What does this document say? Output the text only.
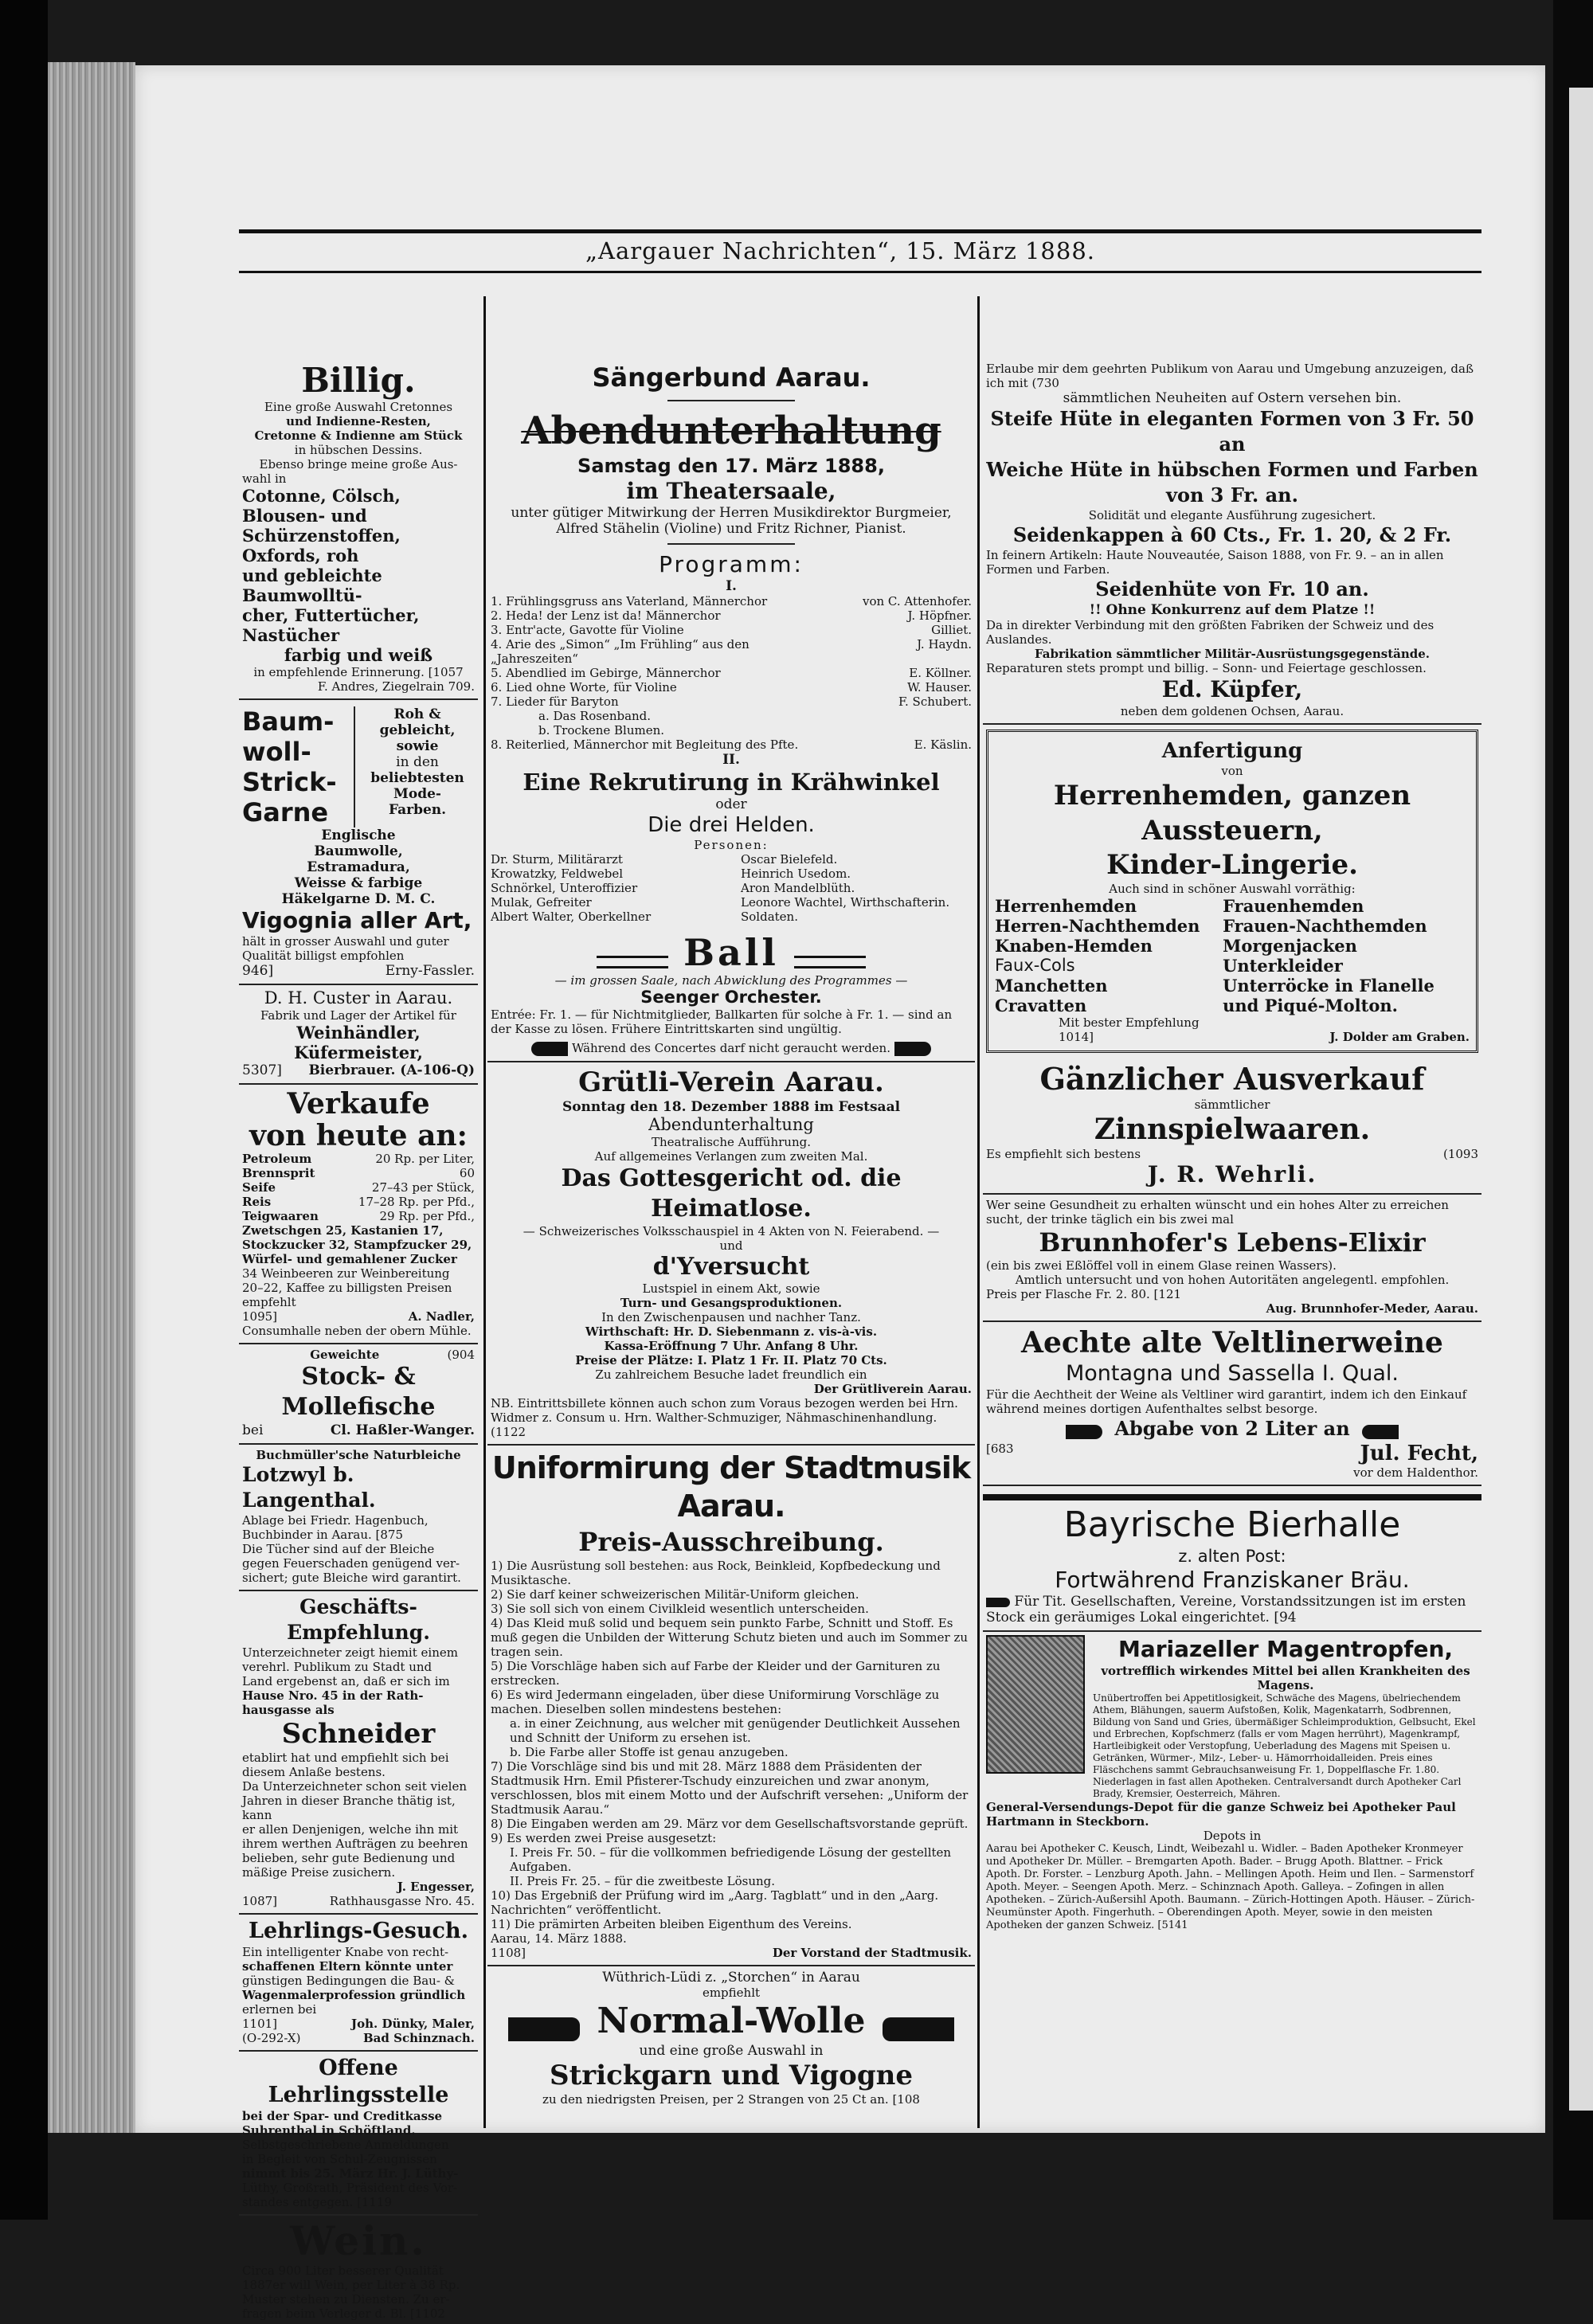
„Aargauer Nachrichten“, 15. März 1888.
Billig.
Eine große Auswahl Cretonnes
und Indienne-Resten,
Cretonne & Indienne am Stück
in hübschen Dessins.
Ebenso bringe meine große Aus-
wahl in
Cotonne, Cölsch, Blousen- und
Schürzenstoffen, Oxfords, roh
und gebleichte Baumwolltü-
cher, Futtertücher, Nastücher
farbig und weiß
in empfehlende Erinnerung. [1057
F. Andres, Ziegelrain 709.
Baum-
woll-
Strick-
Garne
Roh &
gebleicht,
sowie
in den
beliebtesten
Mode-
Farben.
Englische
Baumwolle,
Estramadura,
Weisse & farbige
Häkelgarne D. M. C.
Vigognia aller Art,
hält in grosser Auswahl und guter Qualität billigst empfohlen
946]	Erny-Fassler.
D. H. Custer in Aarau.
Fabrik und Lager der Artikel für
Weinhändler, Küfermeister,
5307] Bierbrauer. (A-106-Q)
Verkaufe
von heute an:
Petroleum	20 Rp. per Liter,
Brennsprit	60
Seife	27–43 per Stück,
Reis	17–28 Rp. per Pfd.,
Teigwaaren	29 Rp. per Pfd.,
Zwetschgen 25, Kastanien 17,
Stockzucker 32, Stampfzucker 29,
Würfel- und gemahlener Zucker
34 Weinbeeren zur Weinbereitung
20–22, Kaffee zu billigsten Preisen
empfehlt
1095]	A. Nadler,
Consumhalle neben der obern Mühle.
Geweichte	(904
Stock- & Mollefische
bei	Cl. Haßler-Wanger.
Buchmüller'sche Naturbleiche
Lotzwyl b. Langenthal.
Ablage bei Friedr. Hagenbuch,
Buchbinder in Aarau. [875
Die Tücher sind auf der Bleiche
gegen Feuerschaden genügend ver-
sichert; gute Bleiche wird garantirt.
Geschäfts-Empfehlung.
Unterzeichneter zeigt hiemit einem
verehrl. Publikum zu Stadt und
Land ergebenst an, daß er sich im
Hause Nro. 45 in der Rath-
hausgasse als
Schneider
etablirt hat und empfiehlt sich bei
diesem Anlaße bestens.
Da Unterzeichneter schon seit vielen
Jahren in dieser Branche thätig ist, kann
er allen Denjenigen, welche ihn mit
ihrem werthen Aufträgen zu beehren
belieben, sehr gute Bedienung und
mäßige Preise zusichern.
J. Engesser,
1087]	Rathhausgasse Nro. 45.
Lehrlings-Gesuch.
Ein intelligenter Knabe von recht-
schaffenen Eltern könnte unter
günstigen Bedingungen die Bau- &
Wagenmalerprofession gründlich
erlernen bei
1101]	Joh. Dünky, Maler,
(O-292-X)	Bad Schinznach.
Offene Lehrlingsstelle
bei der Spar- und Creditkasse
Suhrenthal in Schöftland.
Selbstgeschriebene Anmeldungen
in Begleit von Schul-Zeugnissen
nimmt bis 25. März Hr. J. Lüthy-
Lüthy, Großrath, Präsident des Vor-
standes entgegen. [1119
Wein.
Circa 900 Liter besserer Qualität
1887er will Wein, per Liter à 38 Rp.
Muster stehen zu Diensten. Zu er-
fragen beim Verleger d. Bl. [1102
Sängerbund Aarau.
Abendunterhaltung
Samstag den 17. März 1888,
im Theatersaale,
unter gütiger Mitwirkung der Herren Musikdirektor Burgmeier,
Alfred Stähelin (Violine) und Fritz Richner, Pianist.
Programm:
I.
1. Frühlingsgruss ans Vaterland, Männerchor	von C. Attenhofer.
2. Heda! der Lenz ist da! Männerchor	J. Höpfner.
3. Entr'acte, Gavotte für Violine	Gilliet.
4. Arie des „Simon“ „Im Frühling“ aus den „Jahreszeiten“
J. Haydn.
5. Abendlied im Gebirge, Männerchor	E. Köllner.
6. Lied ohne Worte, für Violine	W. Hauser.
7. Lieder für Baryton	F. Schubert.
a. Das Rosenband.
b. Trockene Blumen.
8. Reiterlied, Männerchor mit Begleitung des Pfte.	E. Käslin.
II.
Eine Rekrutirung in Krähwinkel
oder
Die drei Helden.
Personen:
Dr. Sturm, Militärarzt	Oscar Bielefeld.
Krowatzky, Feldwebel	Heinrich Usedom.
Schnörkel, Unteroffizier	Aron Mandelblüth.
Mulak, Gefreiter	Leonore Wachtel, Wirthschafterin.
Albert Walter, Oberkellner	Soldaten.
Ball
— im grossen Saale, nach Abwicklung des Programmes —
Seenger Orchester.
Entrée: Fr. 1. — für Nichtmitglieder, Ballkarten für solche à Fr. 1. — sind an der Kasse zu lösen. Frühere Eintrittskarten sind ungültig.
Während des Concertes darf nicht geraucht werden.
Grütli-Verein Aarau.
Sonntag den 18. Dezember 1888 im Festsaal
Abendunterhaltung
Theatralische Aufführung.
Auf allgemeines Verlangen zum zweiten Mal.
Das Gottesgericht od. die Heimatlose.
— Schweizerisches Volksschauspiel in 4 Akten von N. Feierabend. —
und
d'Yversucht
Lustspiel in einem Akt, sowie
Turn- und Gesangsproduktionen.
In den Zwischenpausen und nachher Tanz.
Wirthschaft: Hr. D. Siebenmann z. vis-à-vis.
Kassa-Eröffnung 7 Uhr. Anfang 8 Uhr.
Preise der Plätze: I. Platz 1 Fr. II. Platz 70 Cts.
Zu zahlreichem Besuche ladet freundlich ein
Der Grütliverein Aarau.
NB. Eintrittsbillete können auch schon zum Voraus bezogen werden bei Hrn. Widmer z. Consum u. Hrn. Walther-Schmuziger, Nähmaschinenhandlung. (1122
Uniformirung der Stadtmusik Aarau.
Preis-Ausschreibung.
1) Die Ausrüstung soll bestehen: aus Rock, Beinkleid, Kopfbedeckung und Musiktasche.
2) Sie darf keiner schweizerischen Militär-Uniform gleichen.
3) Sie soll sich von einem Civilkleid wesentlich unterscheiden.
4) Das Kleid muß solid und bequem sein punkto Farbe, Schnitt und Stoff. Es muß gegen die Unbilden der Witterung Schutz bieten und auch im Sommer zu tragen sein.
5) Die Vorschläge haben sich auf Farbe der Kleider und der Garnituren zu erstrecken.
6) Es wird Jedermann eingeladen, über diese Uniformirung Vorschläge zu machen. Dieselben sollen mindestens bestehen:
a. in einer Zeichnung, aus welcher mit genügender Deutlichkeit Aussehen und Schnitt der Uniform zu ersehen ist.
b. Die Farbe aller Stoffe ist genau anzugeben.
7) Die Vorschläge sind bis und mit 28. März 1888 dem Präsidenten der Stadtmusik Hrn. Emil Pfisterer-Tschudy einzureichen und zwar anonym, verschlossen, blos mit einem Motto und der Aufschrift versehen: „Uniform der Stadtmusik Aarau.“
8) Die Eingaben werden am 29. März vor dem Gesellschaftsvorstande geprüft.
9) Es werden zwei Preise ausgesetzt:
I. Preis Fr. 50. – für die vollkommen befriedigende Lösung der gestellten Aufgaben.
II. Preis Fr. 25. – für die zweitbeste Lösung.
10) Das Ergebniß der Prüfung wird im „Aarg. Tagblatt“ und in den „Aarg. Nachrichten“ veröffentlicht.
11) Die prämirten Arbeiten bleiben Eigenthum des Vereins.
Aarau, 14. März 1888.
1108]	Der Vorstand der Stadtmusik.
Wüthrich-Lüdi z. „Storchen“ in Aarau
empfiehlt
Normal-Wolle
und eine große Auswahl in
Strickgarn und Vigogne
zu den niedrigsten Preisen, per 2 Strangen von 25 Ct an. [108
Erlaube mir dem geehrten Publikum von Aarau und Umgebung anzuzeigen, daß ich mit (730
sämmtlichen Neuheiten auf Ostern versehen bin.
Steife Hüte in eleganten Formen von 3 Fr. 50 an
Weiche Hüte in hübschen Formen und Farben von 3 Fr. an.
Solidität und elegante Ausführung zugesichert.
Seidenkappen à 60 Cts., Fr. 1. 20, & 2 Fr.
In feinern Artikeln: Haute Nouveautée, Saison 1888, von Fr. 9. – an in allen Formen und Farben.
Seidenhüte von Fr. 10 an.
!! Ohne Konkurrenz auf dem Platze !!
Da in direkter Verbindung mit den größten Fabriken der Schweiz und des Auslandes.
Fabrikation sämmtlicher Militär-Ausrüstungsgegenstände.
Reparaturen stets prompt und billig. – Sonn- und Feiertage geschlossen.
Ed. Küpfer,
neben dem goldenen Ochsen, Aarau.
Anfertigung
von
Herrenhemden, ganzen Aussteuern,
Kinder-Lingerie.
Auch sind in schöner Auswahl vorräthig:
Herrenhemden
Herren-Nachthemden
Knaben-Hemden
Faux-Cols
Manchetten
Cravatten
Frauenhemden
Frauen-Nachthemden
Morgenjacken
Unterkleider
Unterröcke in Flanelle
und Piqué-Molton.
Mit bester Empfehlung
1014]	J. Dolder am Graben.
Gänzlicher Ausverkauf
sämmtlicher
Zinnspielwaaren.
Es empfiehlt sich bestens	(1093
J. R. Wehrli.
Wer seine Gesundheit zu erhalten wünscht und ein hohes Alter zu erreichen sucht, der trinke täglich ein bis zwei mal
Brunnhofer's Lebens-Elixir
(ein bis zwei Eßlöffel voll in einem Glase reinen Wassers).
Amtlich untersucht und von hohen Autoritäten angelegentl. empfohlen.
Preis per Flasche Fr. 2. 80. [121
Aug. Brunnhofer-Meder, Aarau.
Aechte alte Veltlinerweine
Montagna und Sassella I. Qual.
Für die Aechtheit der Weine als Veltliner wird garantirt, indem ich den Einkauf während meines dortigen Aufenthaltes selbst besorge.
Abgabe von 2 Liter an
[683	Jul. Fecht,
vor dem Haldenthor.
Bayrische Bierhalle
z. alten Post:
Fortwährend Franziskaner Bräu.
Für Tit. Gesellschaften, Vereine, Vorstandssitzungen ist im ersten Stock ein geräumiges Lokal eingerichtet. [94
Mariazeller Magentropfen,
vortrefflich wirkendes Mittel bei allen Krankheiten des Magens.
Unübertroffen bei Appetitlosigkeit, Schwäche des Magens, übelriechendem Athem, Blähungen, sauerm Aufstoßen, Kolik, Magenkatarrh, Sodbrennen, Bildung von Sand und Gries, übermäßiger Schleimproduktion, Gelbsucht, Ekel und Erbrechen, Kopfschmerz (falls er vom Magen herrührt), Magenkrampf, Hartleibigkeit oder Verstopfung, Ueberladung des Magens mit Speisen u. Getränken, Würmer-, Milz-, Leber- u. Hämorrhoidalleiden. Preis eines Fläschchens sammt Gebrauchsanweisung Fr. 1, Doppelflasche Fr. 1.80. Niederlagen in fast allen Apotheken. Centralversandt durch Apotheker Carl Brady, Kremsier, Oesterreich, Mähren.
General-Versendungs-Depot für die ganze Schweiz bei Apotheker Paul Hartmann in Steckborn.
Depots in
Aarau bei Apotheker C. Keusch, Lindt, Weibezahl u. Widler. – Baden Apotheker Kronmeyer und Apotheker Dr. Müller. – Bremgarten Apoth. Bader. – Brugg Apoth. Blattner. – Frick Apoth. Dr. Forster. – Lenzburg Apoth. Jahn. – Mellingen Apoth. Heim und Ilen. – Sarmenstorf Apoth. Meyer. – Seengen Apoth. Merz. – Schinznach Apoth. Galleya. – Zofingen in allen Apotheken. – Zürich-Außersihl Apoth. Baumann. – Zürich-Hottingen Apoth. Häuser. – Zürich-Neumünster Apoth. Fingerhuth. – Oberendingen Apoth. Meyer, sowie in den meisten Apotheken der ganzen Schweiz. [5141
